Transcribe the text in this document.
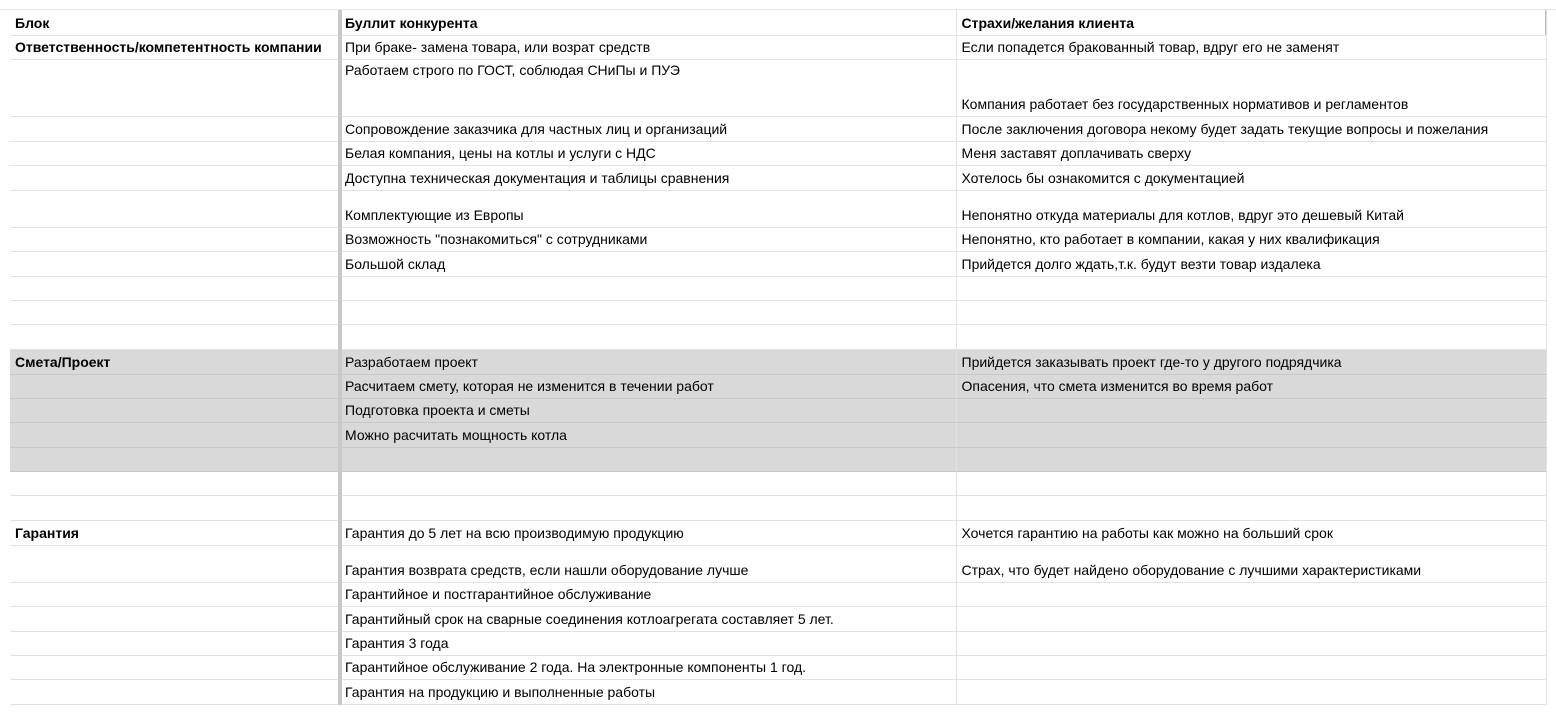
Блок	Буллит конкурента	Страхи/желания клиента
Ответственность/компетентность компании	При браке- замена товара, или возрат средств	Если попадется бракованный товар, вдруг его не заменят
	Работаем строго по ГОСТ, соблюдая СНиПы и ПУЭ	Компания работает без государственных нормативов и регламентов
	Сопровождение заказчика для частных лиц и организаций	После заключения договора некому будет задать текущие вопросы и пожелания
	Белая компания, цены на котлы и услуги с НДС	Меня заставят доплачивать сверху
	Доступна техническая документация и таблицы сравнения	Хотелось бы ознакомится с документацией
	Комплектующие из Европы	Непонятно откуда материалы для котлов, вдруг это дешевый Китай
	Возможность "познакомиться" с сотрудниками	Непонятно, кто работает в компании, какая у них квалификация
	Большой склад	Прийдется долго ждать,т.к. будут везти товар издалека

Смета/Проект	Разработаем проект	Прийдется заказывать проект где-то у другого подрядчика
	Расчитаем смету, которая не изменится в течении работ	Опасения, что смета изменится во время работ
	Подготовка проекта и сметы	
	Можно расчитать мощность котла	

Гарантия	Гарантия до 5 лет на всю производимую продукцию	Хочется гарантию на работы как можно на больший срок
	Гарантия возврата средств, если нашли оборудование лучше	Страх, что будет найдено оборудование с лучшими характеристиками
	Гарантийное и постгарантийное обслуживание	
	Гарантийный срок на сварные соединения котлоагрегата составляет 5 лет.	
	Гарантия 3 года	
	Гарантийное обслуживание 2 года. На электронные компоненты 1 год.	
	Гарантия на продукцию и выполненные работы	
